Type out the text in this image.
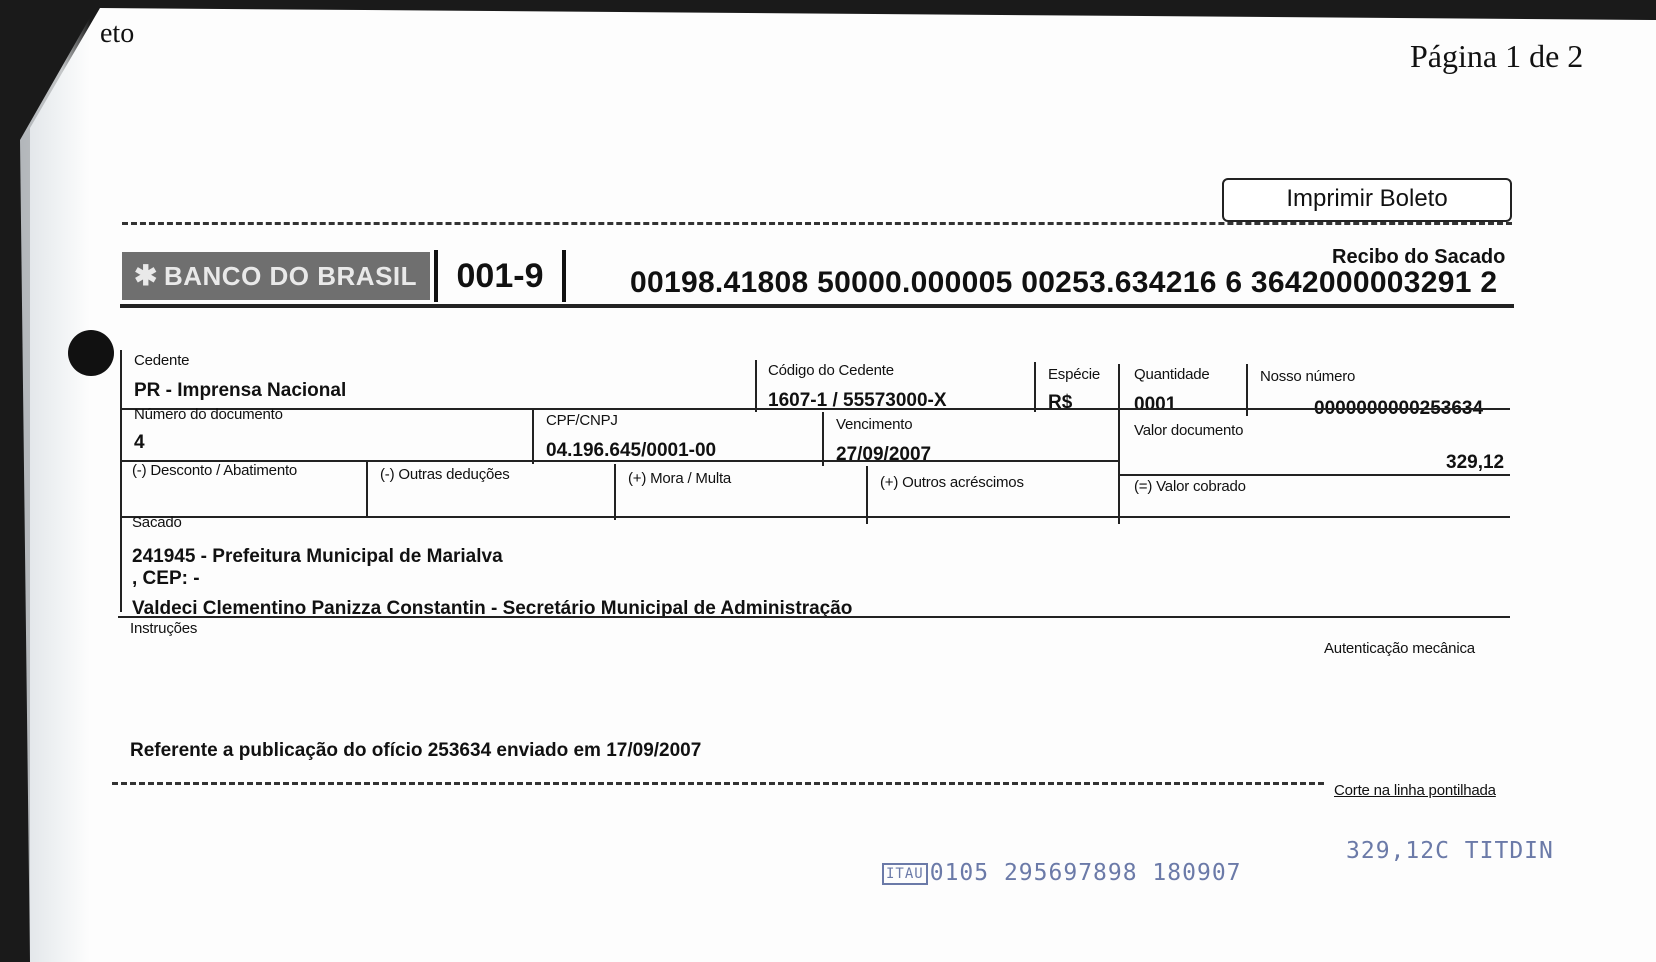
eto
Página 1 de 2
Imprimir Boleto
Recibo do Sacado
✱ BANCO DO BRASIL	001-9	00198.41808 50000.000005 00253.634216 6 3642000003291 2
Cedente
PR - Imprensa Nacional
Código do Cedente
1607-1 / 55573000-X
Espécie
R$
Quantidade
0001
Nosso número
0000000000253634
Número do documento
4
CPF/CNPJ
04.196.645/0001-00
Vencimento
27/09/2007
Valor documento
329,12
(-) Desconto / Abatimento	(-) Outras deduções	(+) Mora / Multa	(+) Outros acréscimos	(=) Valor cobrado
Sacado
241945 - Prefeitura Municipal de Marialva
, CEP: -
Valdeci Clementino Panizza Constantin - Secretário Municipal de Administração
Instruções
Autenticação mecânica
Referente a publicação do ofício 253634 enviado em 17/09/2007
Corte na linha pontilhada
ITAU 0105 295697898 180907
329,12C TITDIN
